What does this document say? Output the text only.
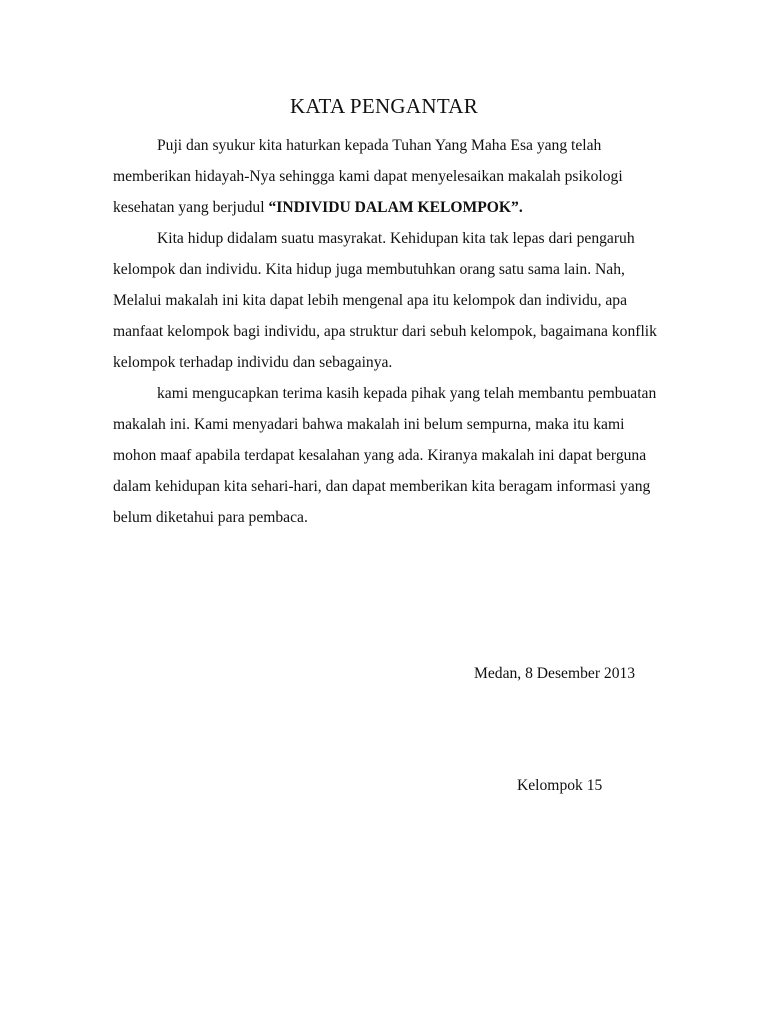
KATA PENGANTAR

Puji dan syukur kita haturkan kepada Tuhan Yang Maha Esa yang telah memberikan hidayah-Nya sehingga kami dapat menyelesaikan makalah psikologi kesehatan yang berjudul “INDIVIDU DALAM KELOMPOK”.

Kita hidup didalam suatu masyrakat. Kehidupan kita tak lepas dari pengaruh kelompok dan individu. Kita hidup juga membutuhkan orang satu sama lain. Nah, Melalui makalah ini kita dapat lebih mengenal apa itu kelompok dan individu, apa manfaat kelompok bagi individu, apa struktur dari sebuh kelompok, bagaimana konflik kelompok terhadap individu dan sebagainya.

kami mengucapkan terima kasih kepada pihak yang telah membantu pembuatan makalah ini. Kami menyadari bahwa makalah ini belum sempurna, maka itu kami mohon maaf apabila terdapat kesalahan yang ada. Kiranya makalah ini dapat berguna dalam kehidupan kita sehari-hari, dan dapat memberikan kita beragam informasi yang belum diketahui para pembaca.

Medan, 8 Desember 2013
Kelompok 15
